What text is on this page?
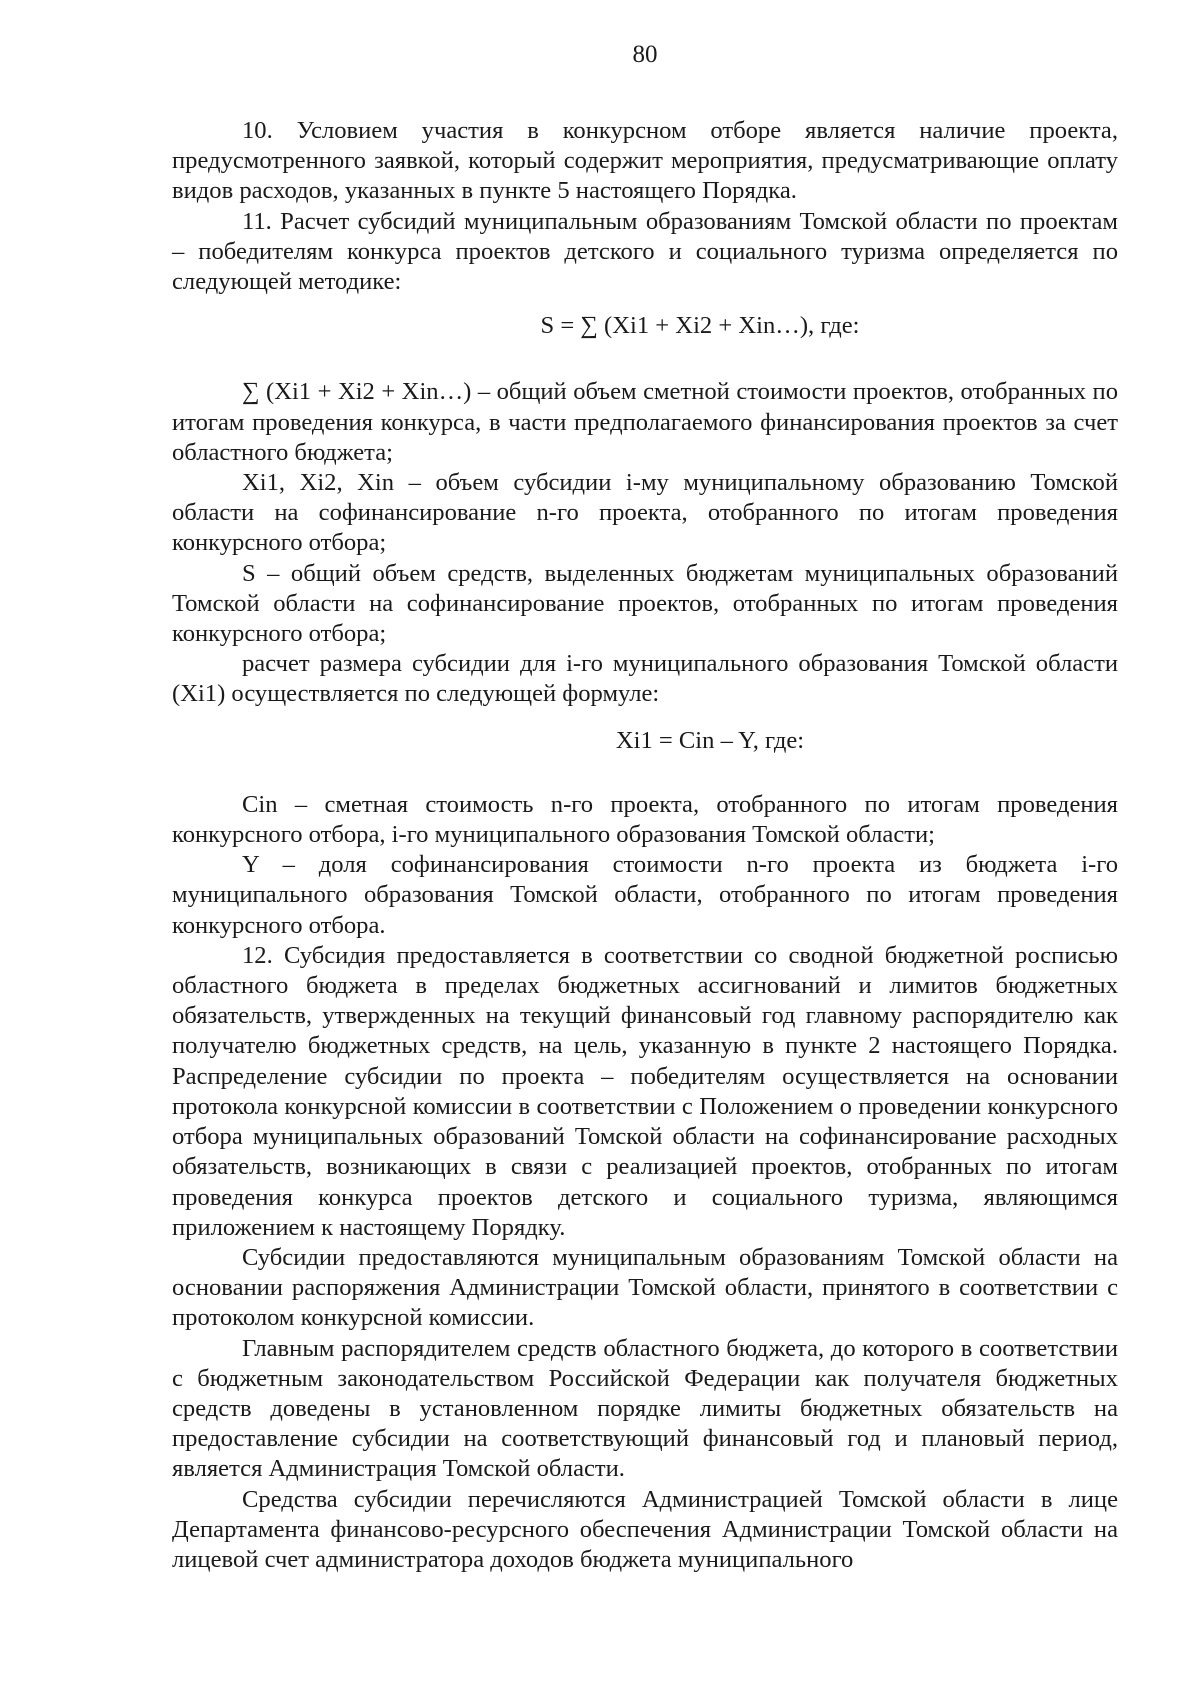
80

10. Условием участия в конкурсном отборе является наличие проекта, предусмотренного заявкой, который содержит мероприятия, предусматривающие оплату видов расходов, указанных в пункте 5 настоящего Порядка.

11. Расчет субсидий муниципальным образованиям Томской области по проектам – победителям конкурса проектов детского и социального туризма определяется по следующей методике:

S = ∑ (Xi1 + Xi2 + Xin…), где:

∑ (Xi1 + Xi2 + Xin…) – общий объем сметной стоимости проектов, отобранных по итогам проведения конкурса, в части предполагаемого финансирования проектов за счет областного бюджета;

Xi1, Xi2, Xin – объем субсидии i-му муниципальному образованию Томской области на софинансирование n-го проекта, отобранного по итогам проведения конкурсного отбора;

S – общий объем средств, выделенных бюджетам муниципальных образований Томской области на софинансирование проектов, отобранных по итогам проведения конкурсного отбора;

расчет размера субсидии для i-го муниципального образования Томской области (Xi1) осуществляется по следующей формуле:

Xi1 = Cin – Y, где:

Cin – сметная стоимость n-го проекта, отобранного по итогам проведения конкурсного отбора, i-го муниципального образования Томской области;

Y – доля софинансирования стоимости n-го проекта из бюджета i-го муниципального образования Томской области, отобранного по итогам проведения конкурсного отбора.

12. Субсидия предоставляется в соответствии со сводной бюджетной росписью областного бюджета в пределах бюджетных ассигнований и лимитов бюджетных обязательств, утвержденных на текущий финансовый год главному распорядителю как получателю бюджетных средств, на цель, указанную в пункте 2 настоящего Порядка. Распределение субсидии по проекта – победителям осуществляется на основании протокола конкурсной комиссии в соответствии с Положением о проведении конкурсного отбора муниципальных образований Томской области на софинансирование расходных обязательств, возникающих в связи с реализацией проектов, отобранных по итогам проведения конкурса проектов детского и социального туризма, являющимся приложением к настоящему Порядку.

Субсидии предоставляются муниципальным образованиям Томской области на основании распоряжения Администрации Томской области, принятого в соответствии с протоколом конкурсной комиссии.

Главным распорядителем средств областного бюджета, до которого в соответствии с бюджетным законодательством Российской Федерации как получателя бюджетных средств доведены в установленном порядке лимиты бюджетных обязательств на предоставление субсидии на соответствующий финансовый год и плановый период, является Администрация Томской области.

Средства субсидии перечисляются Администрацией Томской области в лице Департамента финансово-ресурсного обеспечения Администрации Томской области на лицевой счет администратора доходов бюджета муниципального
